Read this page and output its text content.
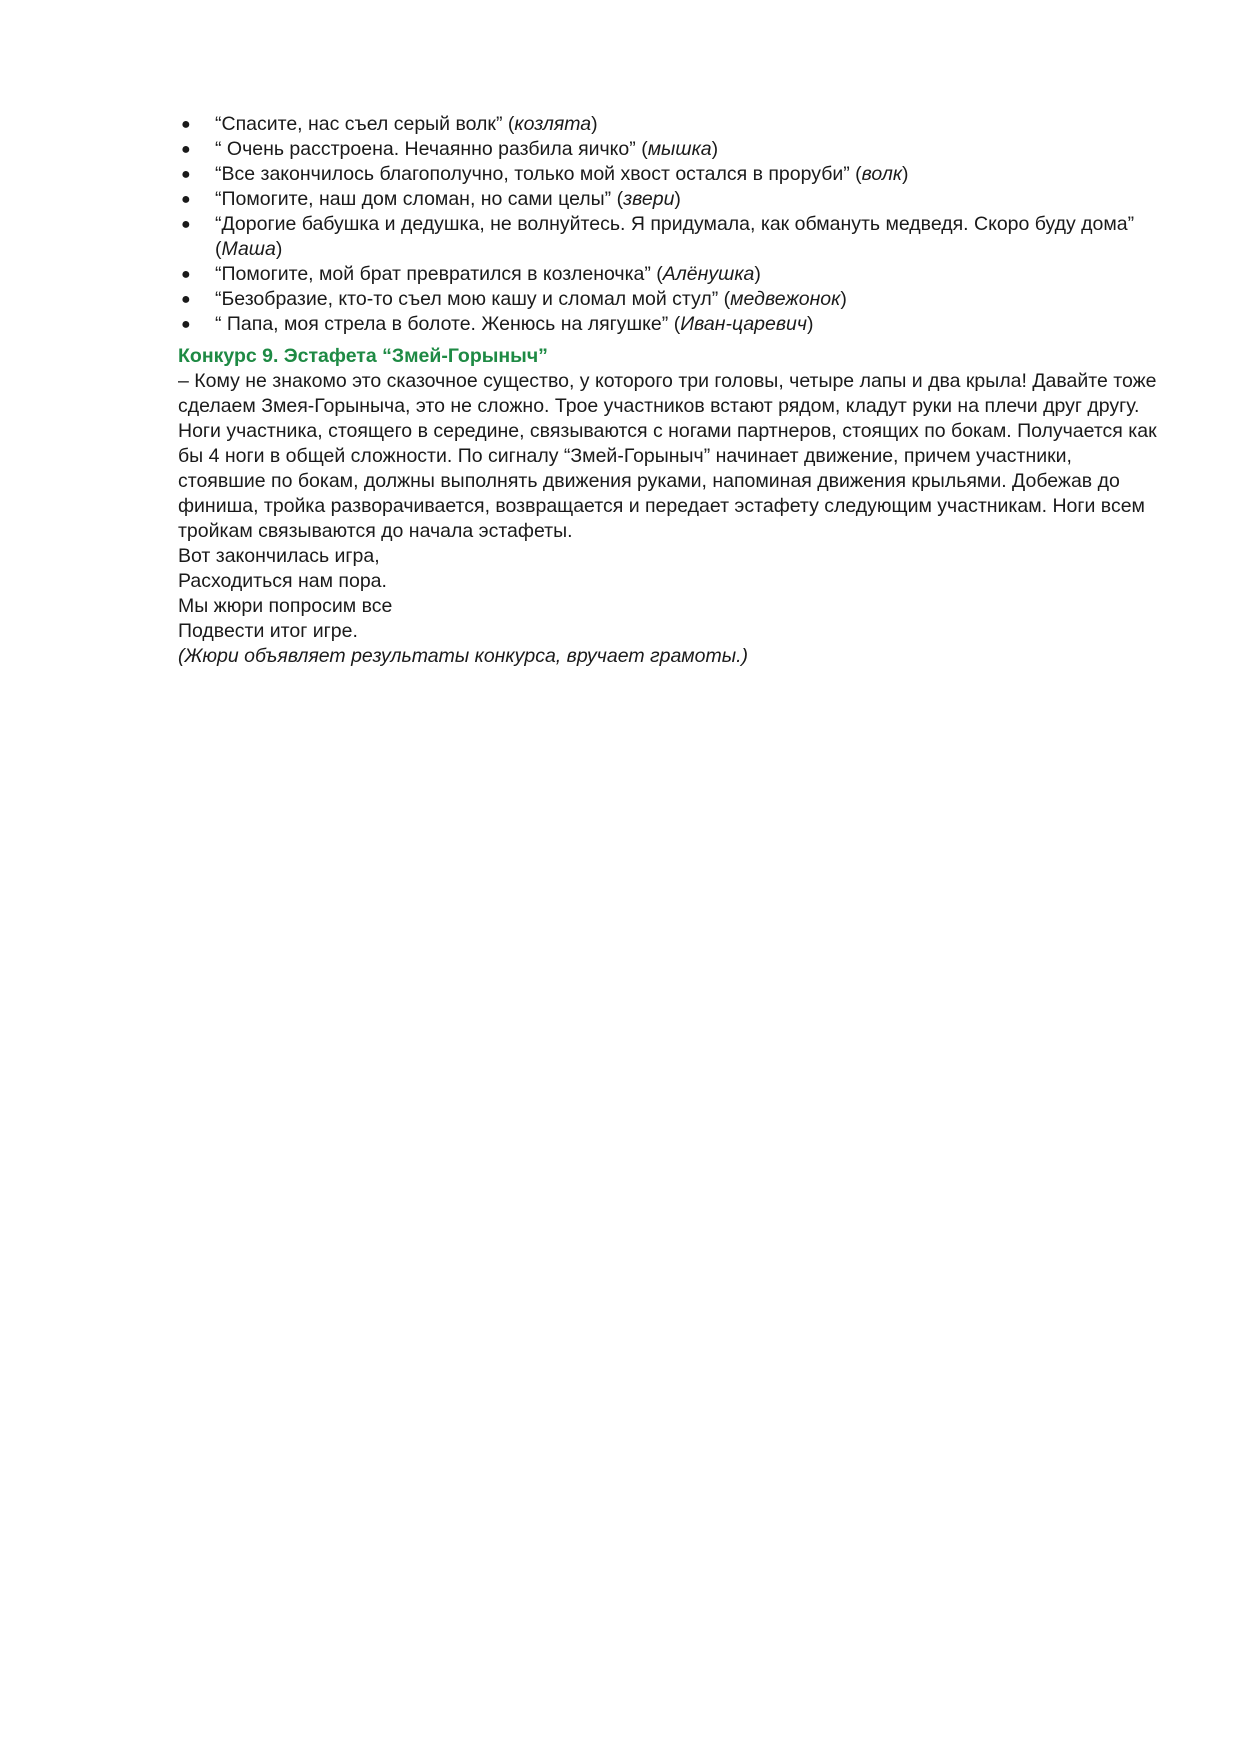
● “Спасите, нас съел серый волк” (козлята)
● “ Очень расстроена. Нечаянно разбила яичко” (мышка)
● “Все закончилось благополучно, только мой хвост остался в проруби” (волк)
● “Помогите, наш дом сломан, но сами целы” (звери)
● “Дорогие бабушка и дедушка, не волнуйтесь. Я придумала, как обмануть медведя. Скоро буду дома” (Маша)
● “Помогите, мой брат превратился в козленочка” (Алёнушка)
● “Безобразие, кто-то съел мою кашу и сломал мой стул” (медвежонок)
● “ Папа, моя стрела в болоте. Женюсь на лягушке” (Иван-царевич)
Конкурс 9. Эстафета “Змей-Горыныч”

– Кому не знакомо это сказочное существо, у которого три головы, четыре лапы и два крыла! Давайте тоже сделаем Змея-Горыныча, это не сложно. Трое участников встают рядом, кладут руки на плечи друг другу. Ноги участника, стоящего в середине, связываются с ногами партнеров, стоящих по бокам. Получается как бы 4 ноги в общей сложности. По сигналу “Змей-Горыныч” начинает движение, причем участники, стоявшие по бокам, должны выполнять движения руками, напоминая движения крыльями. Добежав до финиша, тройка разворачивается, возвращается и передает эстафету следующим участникам. Ноги всем тройкам связываются до начала эстафеты.

Вот закончилась игра,
Расходиться нам пора.
Мы жюри попросим все
Подвести итог игре.

(Жюри объявляет результаты конкурса, вручает грамоты.)
